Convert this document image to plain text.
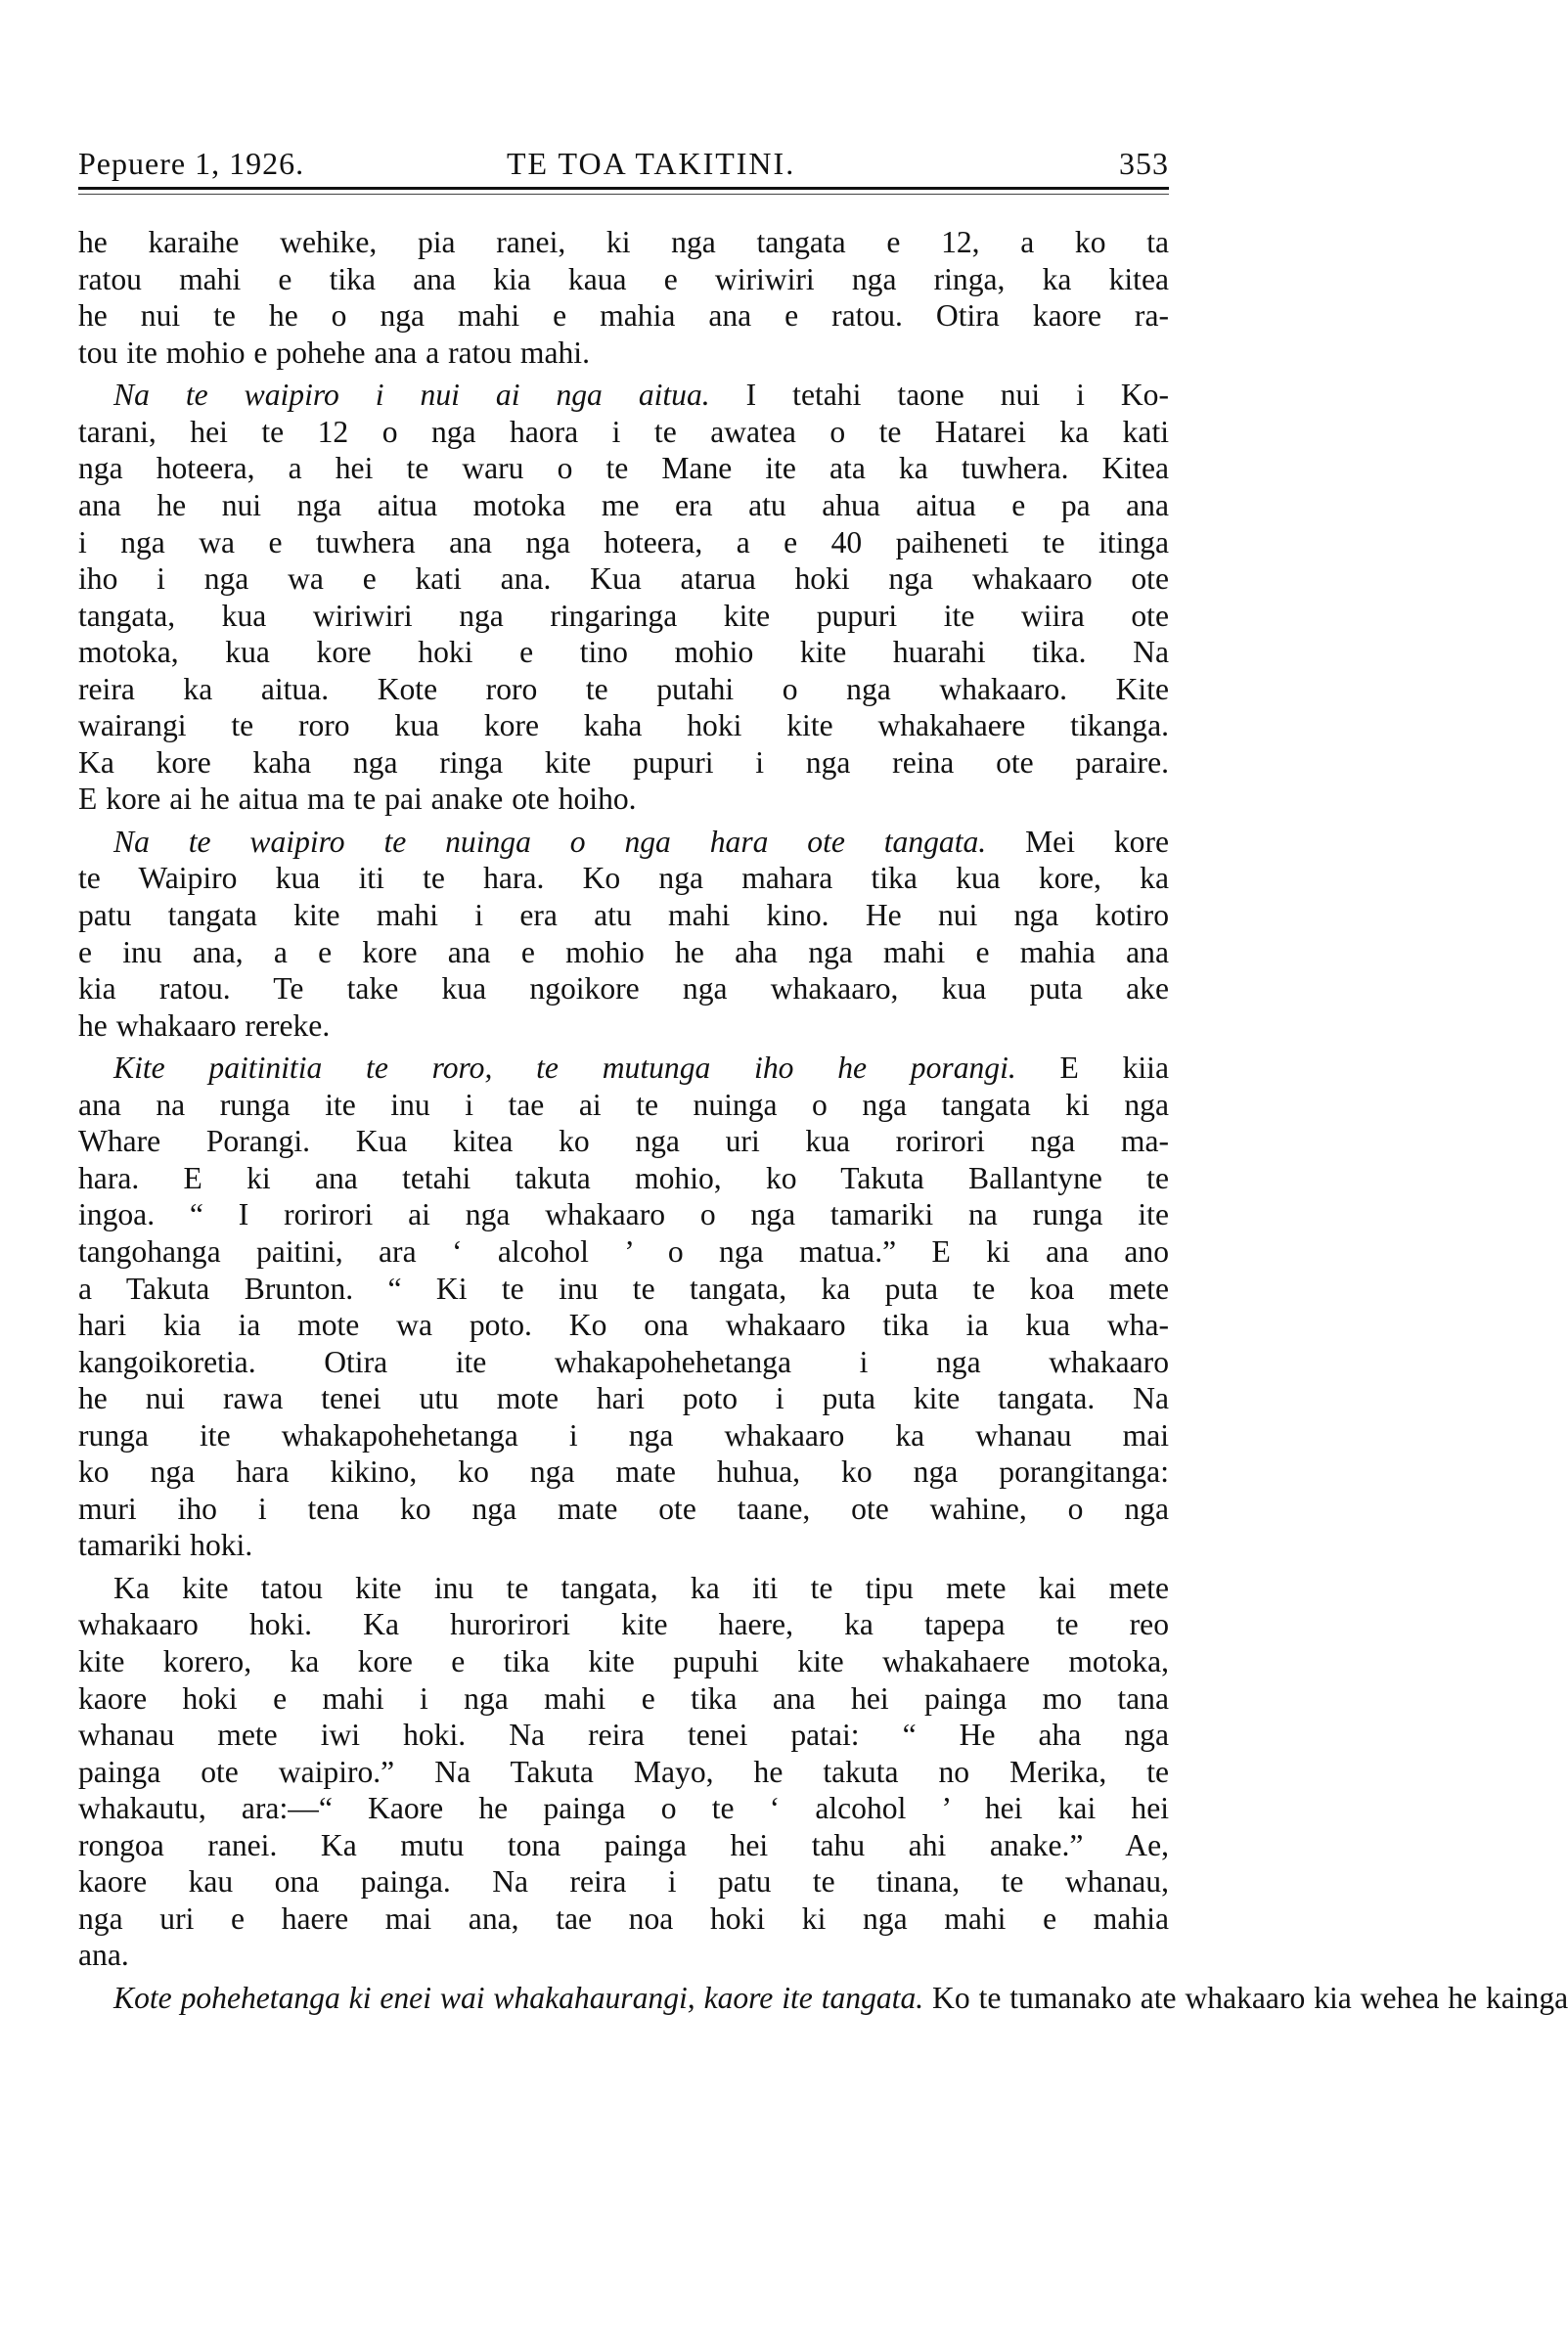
Pepuere 1, 1926.	TE TOA TAKITINI.	353
he karaihe wehike, pia ranei, ki nga tangata e 12, a ko ta
ratou mahi e tika ana kia kaua e wiriwiri nga ringa, ka kitea
he nui te he o nga mahi e mahia ana e ratou. Otira kaore ra-
tou ite mohio e pohehe ana a ratou mahi.
Na te waipiro i nui ai nga aitua. I tetahi taone nui i Ko-
tarani, hei te 12 o nga haora i te awatea o te Hatarei ka kati
nga hoteera, a hei te waru o te Mane ite ata ka tuwhera. Kitea
ana he nui nga aitua motoka me era atu ahua aitua e pa ana
i nga wa e tuwhera ana nga hoteera, a e 40 paiheneti te itinga
iho i nga wa e kati ana. Kua atarua hoki nga whakaaro ote
tangata, kua wiriwiri nga ringaringa kite pupuri ite wiira ote
motoka, kua kore hoki e tino mohio kite huarahi tika. Na
reira ka aitua. Kote roro te putahi o nga whakaaro. Kite
wairangi te roro kua kore kaha hoki kite whakahaere tikanga.
Ka kore kaha nga ringa kite pupuri i nga reina ote paraire.
E kore ai he aitua ma te pai anake ote hoiho.
Na te waipiro te nuinga o nga hara ote tangata. Mei kore
te Waipiro kua iti te hara. Ko nga mahara tika kua kore, ka
patu tangata kite mahi i era atu mahi kino. He nui nga kotiro
e inu ana, a e kore ana e mohio he aha nga mahi e mahia ana
kia ratou. Te take kua ngoikore nga whakaaro, kua puta ake
he whakaaro rereke.
Kite paitinitia te roro, te mutunga iho he porangi. E kiia
ana na runga ite inu i tae ai te nuinga o nga tangata ki nga
Whare Porangi. Kua kitea ko nga uri kua rorirori nga ma-
hara. E ki ana tetahi takuta mohio, ko Takuta Ballantyne te
ingoa. “ I rorirori ai nga whakaaro o nga tamariki na runga ite
tangohanga paitini, ara ‘ alcohol ’ o nga matua.” E ki ana ano
a Takuta Brunton. “ Ki te inu te tangata, ka puta te koa mete
hari kia ia mote wa poto. Ko ona whakaaro tika ia kua wha-
kangoikoretia. Otira ite whakapohehetanga i nga whakaaro
he nui rawa tenei utu mote hari poto i puta kite tangata. Na
runga ite whakapohehetanga i nga whakaaro ka whanau mai
ko nga hara kikino, ko nga mate huhua, ko nga porangitanga:
muri iho i tena ko nga mate ote taane, ote wahine, o nga
tamariki hoki.
Ka kite tatou kite inu te tangata, ka iti te tipu mete kai mete
whakaaro hoki. Ka hurorirori kite haere, ka tapepa te reo
kite korero, ka kore e tika kite pupuhi kite whakahaere motoka,
kaore hoki e mahi i nga mahi e tika ana hei painga mo tana
whanau mete iwi hoki. Na reira tenei patai: “ He aha nga
painga ote waipiro.” Na Takuta Mayo, he takuta no Merika, te
whakautu, ara:—“ Kaore he painga o te ‘ alcohol ’ hei kai hei
rongoa ranei. Ka mutu tona painga hei tahu ahi anake.” Ae,
kaore kau ona painga. Na reira i patu te tinana, te whanau,
nga uri e haere mai ana, tae noa hoki ki nga mahi e mahia
ana.
Kote pohehetanga ki enei wai whakahaurangi, kaore ite tangata. Ko te tumanako ate whakaaro kia wehea he kainga
